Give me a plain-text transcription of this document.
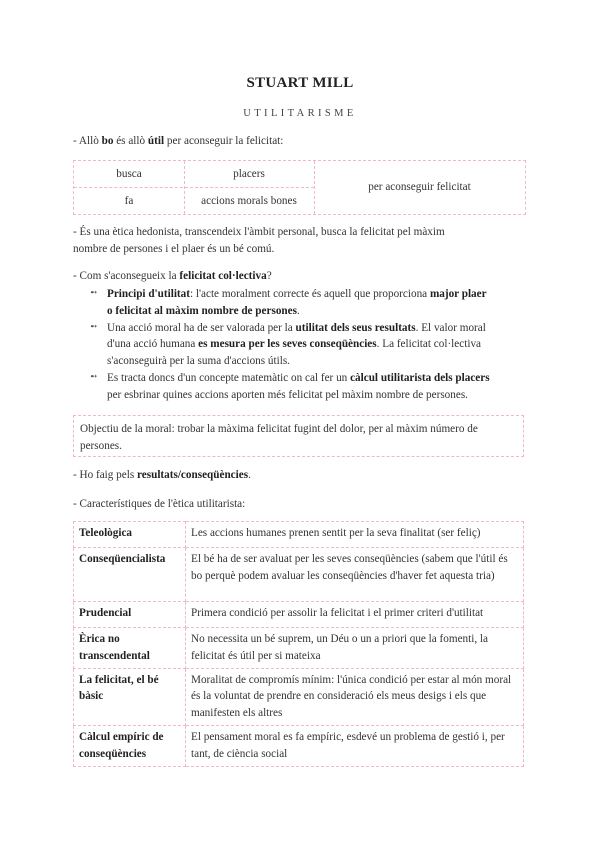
STUART MILL
UTILITARISME
- Allò bo és allò útil per aconseguir la felicitat:
busca	placers
fa	accions morals bones
per aconseguir felicitat
- És una ètica hedonista, transcendeix l'àmbit personal, busca la felicitat pel màxim
nombre de persones i el plaer és un bé comú.
- Com s'aconsegueix la felicitat col·lectiva?
➻ Principi d'utilitat: l'acte moralment correcte és aquell que proporciona major plaer
o felicitat al màxim nombre de persones.
➻ Una acció moral ha de ser valorada per la utilitat dels seus resultats. El valor moral
d'una acció humana es mesura per les seves conseqüències. La felicitat col·lectiva
s'aconseguirà per la suma d'accions útils.
➻ Es tracta doncs d'un concepte matemàtic on cal fer un càlcul utilitarista dels placers
per esbrinar quines accions aporten més felicitat pel màxim nombre de persones.
Objectiu de la moral: trobar la màxima felicitat fugint del dolor, per al màxim número de persones.
- Ho faig pels resultats/conseqüències.
- Característiques de l'ètica utilitarista:
Teleològica	Les accions humanes prenen sentit per la seva finalitat (ser feliç)
Conseqüencialista	El bé ha de ser avaluat per les seves conseqüències (sabem que l'útil és bo perquè podem avaluar les conseqüències d'haver fet aquesta tria)
Prudencial	Primera condició per assolir la felicitat i el primer criteri d'utilitat
Èrica no transcendental	No necessita un bé suprem, un Déu o un a priori que la fomenti, la felicitat és útil per si mateixa
La felicitat, el bé bàsic	Moralitat de compromís mínim: l'única condició per estar al món moral és la voluntat de prendre en consideració els meus desigs i els que manifesten els altres
Càlcul empíric de conseqüències	El pensament moral es fa empíric, esdevé un problema de gestió i, per tant, de ciència social
